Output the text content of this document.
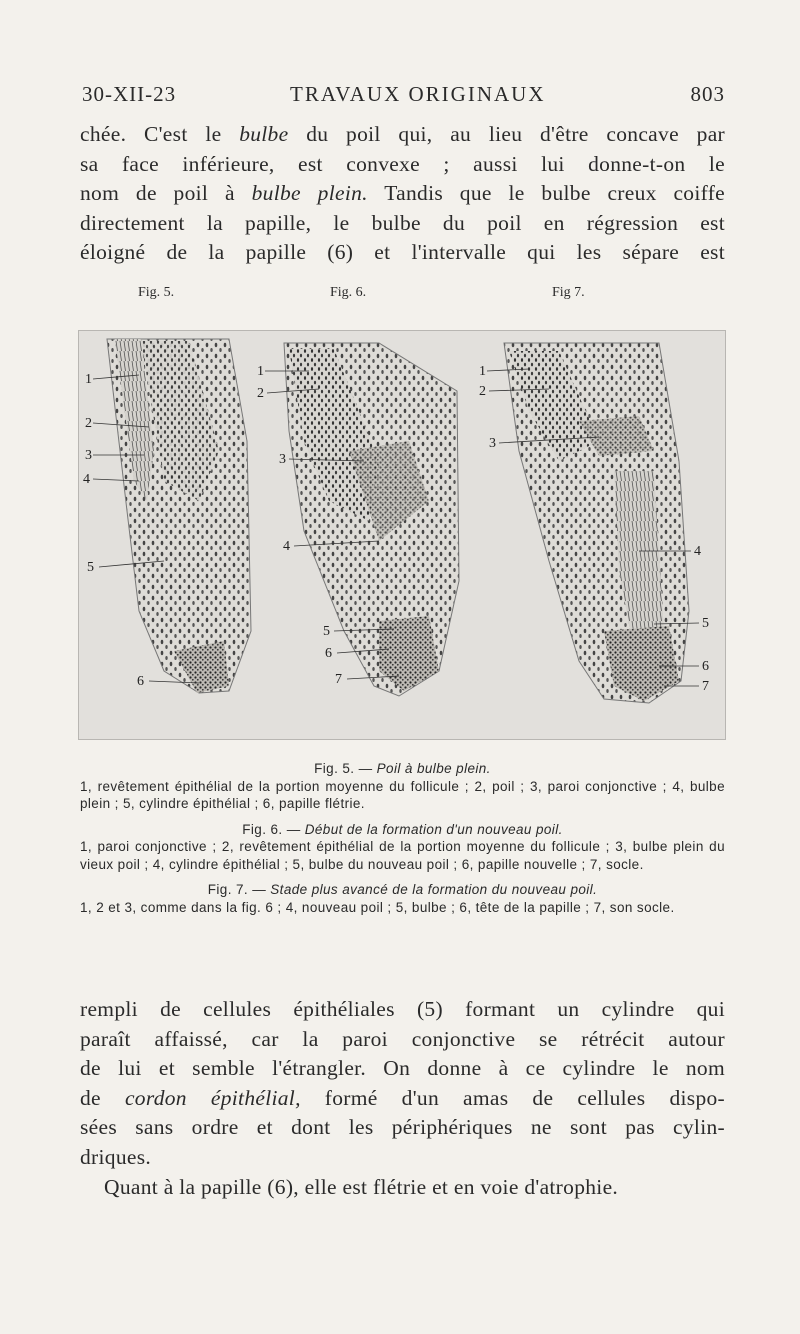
30-XII-23	TRAVAUX ORIGINAUX	803

chée. C'est le bulbe du poil qui, au lieu d'être concave par

sa face inférieure, est convexe ; aussi lui donne-t-on le

nom de poil à bulbe plein. Tandis que le bulbe creux coiffe

directement la papille, le bulbe du poil en régression est

éloigné de la papille (6) et l'intervalle qui les sépare est

Fig. 5.	Fig. 6.	Fig 7.
1
2
3
4
5
6
1
2
3
4
5
6
7
1
2
3
4
5
6
7

Fig. 5. — Poil à bulbe plein.

1, revêtement épithélial de la portion moyenne du follicule ; 2, poil ; 3, paroi conjonctive ; 4, bulbe plein ; 5, cylindre épithélial ; 6, papille flétrie.

Fig. 6. — Début de la formation d'un nouveau poil.

1, paroi conjonctive ; 2, revêtement épithélial de la portion moyenne du follicule ; 3, bulbe plein du vieux poil ; 4, cylindre épithélial ; 5, bulbe du nouveau poil ; 6, papille nouvelle ; 7, socle.

Fig. 7. — Stade plus avancé de la formation du nouveau poil.

1, 2 et 3, comme dans la fig. 6 ; 4, nouveau poil ; 5, bulbe ; 6, tête de la papille ; 7, son socle.

rempli de cellules épithéliales (5) formant un cylindre qui

paraît affaissé, car la paroi conjonctive se rétrécit autour

de lui et semble l'étrangler. On donne à ce cylindre le nom

de cordon épithélial, formé d'un amas de cellules dispo-

sées sans ordre et dont les périphériques ne sont pas cylin-

driques.

Quant à la papille (6), elle est flétrie et en voie d'atrophie.
